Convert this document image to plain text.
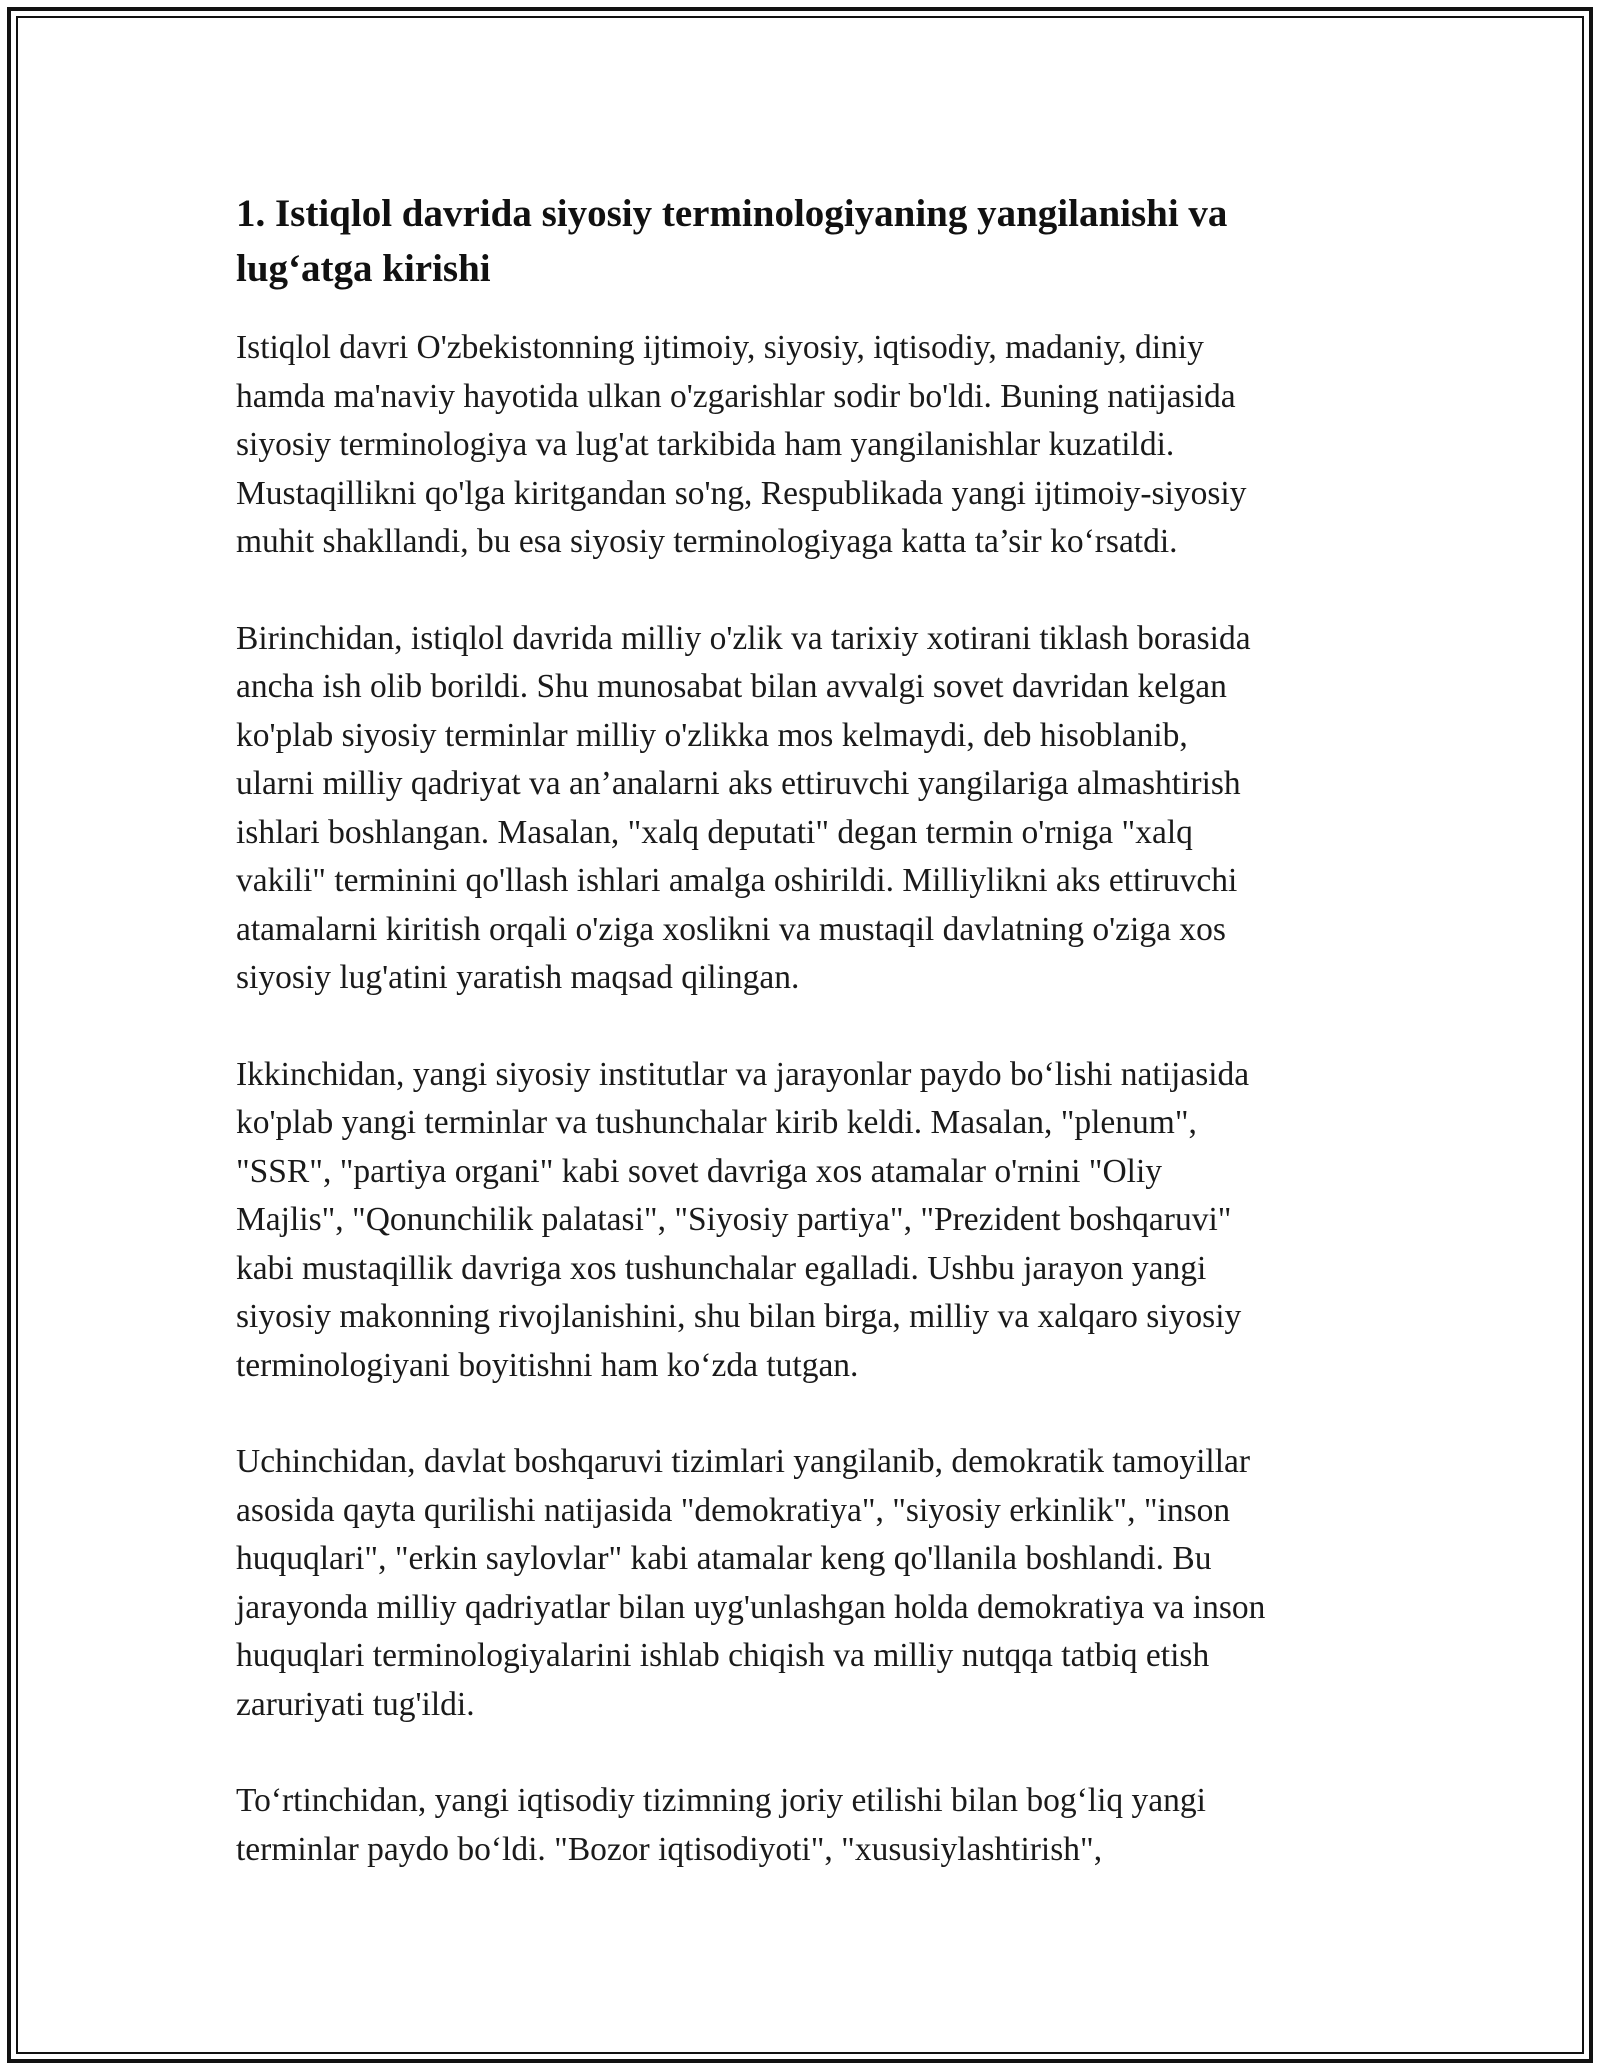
1. Istiqlol davrida siyosiy terminologiyaning yangilanishi va
lug‘atga kirishi

Istiqlol davri O'zbekistonning ijtimoiy, siyosiy, iqtisodiy, madaniy, diniy
hamda ma'naviy hayotida ulkan o'zgarishlar sodir bo'ldi. Buning natijasida
siyosiy terminologiya va lug'at tarkibida ham yangilanishlar kuzatildi.
Mustaqillikni qo'lga kiritgandan so'ng, Respublikada yangi ijtimoiy-siyosiy
muhit shakllandi, bu esa siyosiy terminologiyaga katta ta’sir ko‘rsatdi.

Birinchidan, istiqlol davrida milliy o'zlik va tarixiy xotirani tiklash borasida
ancha ish olib borildi. Shu munosabat bilan avvalgi sovet davridan kelgan
ko'plab siyosiy terminlar milliy o'zlikka mos kelmaydi, deb hisoblanib,
ularni milliy qadriyat va an’analarni aks ettiruvchi yangilariga almashtirish
ishlari boshlangan. Masalan, "xalq deputati" degan termin o'rniga "xalq
vakili" terminini qo'llash ishlari amalga oshirildi. Milliylikni aks ettiruvchi
atamalarni kiritish orqali o'ziga xoslikni va mustaqil davlatning o'ziga xos
siyosiy lug'atini yaratish maqsad qilingan.

Ikkinchidan, yangi siyosiy institutlar va jarayonlar paydo bo‘lishi natijasida
ko'plab yangi terminlar va tushunchalar kirib keldi. Masalan, "plenum",
"SSR", "partiya organi" kabi sovet davriga xos atamalar o'rnini "Oliy
Majlis", "Qonunchilik palatasi", "Siyosiy partiya", "Prezident boshqaruvi"
kabi mustaqillik davriga xos tushunchalar egalladi. Ushbu jarayon yangi
siyosiy makonning rivojlanishini, shu bilan birga, milliy va xalqaro siyosiy
terminologiyani boyitishni ham ko‘zda tutgan.

Uchinchidan, davlat boshqaruvi tizimlari yangilanib, demokratik tamoyillar
asosida qayta qurilishi natijasida "demokratiya", "siyosiy erkinlik", "inson
huquqlari", "erkin saylovlar" kabi atamalar keng qo'llanila boshlandi. Bu
jarayonda milliy qadriyatlar bilan uyg'unlashgan holda demokratiya va inson
huquqlari terminologiyalarini ishlab chiqish va milliy nutqqa tatbiq etish
zaruriyati tug'ildi.

To‘rtinchidan, yangi iqtisodiy tizimning joriy etilishi bilan bog‘liq yangi
terminlar paydo bo‘ldi. "Bozor iqtisodiyoti", "xususiylashtirish",
